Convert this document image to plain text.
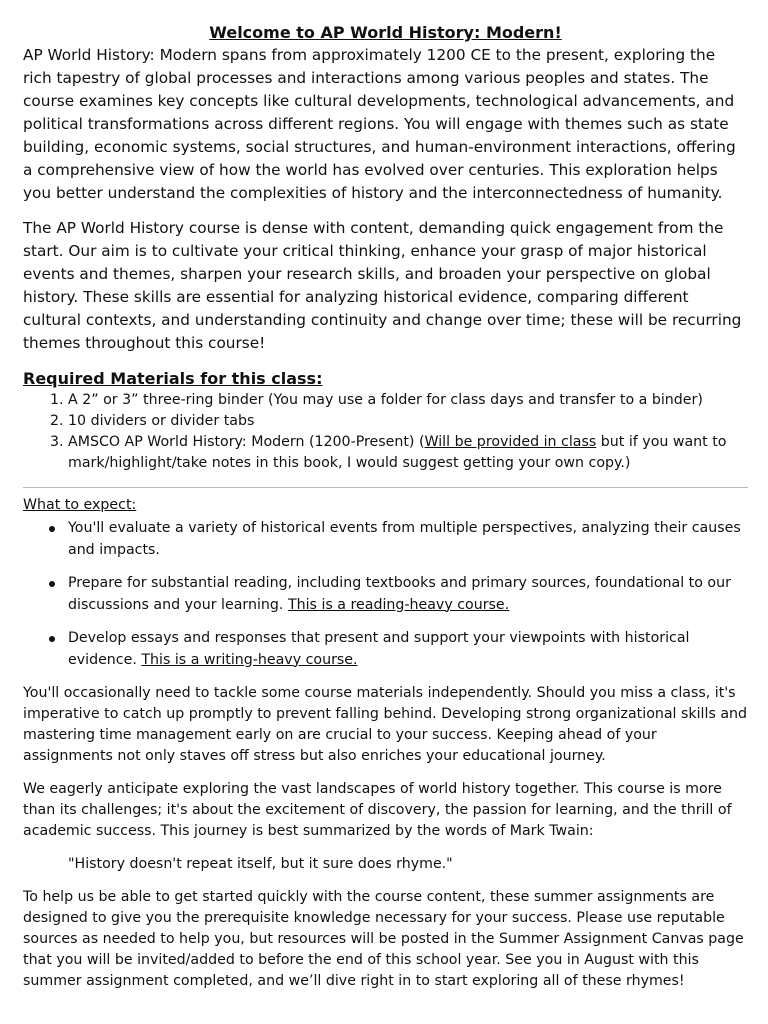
Welcome to AP World History: Modern!

AP World History: Modern spans from approximately 1200 CE to the present, exploring the rich tapestry of global processes and interactions among various peoples and states. The course examines key concepts like cultural developments, technological advancements, and political transformations across different regions. You will engage with themes such as state building, economic systems, social structures, and human-environment interactions, offering a comprehensive view of how the world has evolved over centuries. This exploration helps you better understand the complexities of history and the interconnectedness of humanity.

The AP World History course is dense with content, demanding quick engagement from the start. Our aim is to cultivate your critical thinking, enhance your grasp of major historical events and themes, sharpen your research skills, and broaden your perspective on global history. These skills are essential for analyzing historical evidence, comparing different cultural contexts, and understanding continuity and change over time; these will be recurring themes throughout this course!

Required Materials for this class:
1. A 2” or 3” three-ring binder (You may use a folder for class days and transfer to a binder)
2. 10 dividers or divider tabs
3. AMSCO AP World History: Modern (1200-Present) (Will be provided in class but if you want to mark/highlight/take notes in this book, I would suggest getting your own copy.)

What to expect:

You'll evaluate a variety of historical events from multiple perspectives, analyzing their causes and impacts.
Prepare for substantial reading, including textbooks and primary sources, foundational to our discussions and your learning. This is a reading-heavy course.
Develop essays and responses that present and support your viewpoints with historical evidence. This is a writing-heavy course.

You'll occasionally need to tackle some course materials independently. Should you miss a class, it's imperative to catch up promptly to prevent falling behind. Developing strong organizational skills and mastering time management early on are crucial to your success. Keeping ahead of your assignments not only staves off stress but also enriches your educational journey.

We eagerly anticipate exploring the vast landscapes of world history together. This course is more than its challenges; it's about the excitement of discovery, the passion for learning, and the thrill of academic success. This journey is best summarized by the words of Mark Twain:

"History doesn't repeat itself, but it sure does rhyme."

To help us be able to get started quickly with the course content, these summer assignments are designed to give you the prerequisite knowledge necessary for your success. Please use reputable sources as needed to help you, but resources will be posted in the Summer Assignment Canvas page that you will be invited/added to before the end of this school year. See you in August with this summer assignment completed, and we’ll dive right in to start exploring all of these rhymes!
